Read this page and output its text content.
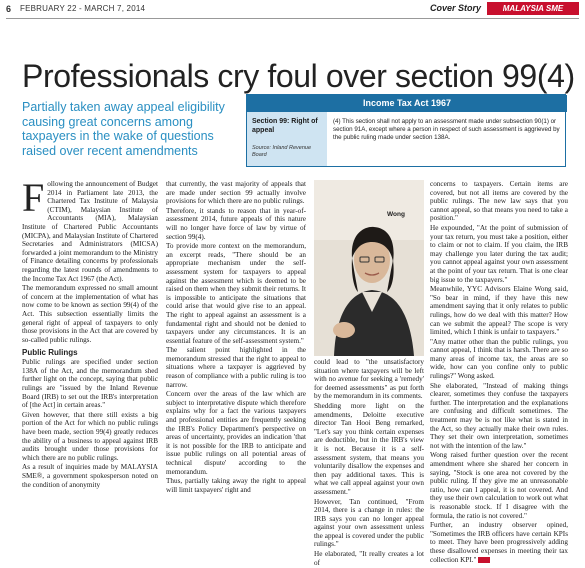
6 FEBRUARY 22 - MARCH 7, 2014	Cover Story	MALAYSIA SME
Professionals cry foul over section 99(4)
Partially taken away appeal eligibility causing great concerns among taxpayers in the wake of questions raised over recent amendments
Income Tax Act 1967
Section 99: Right of appeal
Source: Inland Revenue Board
(4) This section shall not apply to an assessment made under subsection 90(1) or section 91A, except where a person in respect of such assessment is aggrieved by the public ruling made under section 138A.
Wong

Following the announcement of Budget 2014 in Parliament late 2013, the Chartered Tax Institute of Malaysia (CTIM), Malaysian Institute of Accountants (MIA), Malaysian Institute of Chartered Public Accountants (MICPA), and Malaysian Institute of Chartered Secretaries and Administrators (MICSA) forwarded a joint memorandum to the Ministry of Finance detailing concerns by professionals regarding the latest rounds of amendments to the Income Tax Act 1967 (the Act).

The memorandum expressed no small amount of concern at the implementation of what has now come to be known as section 99(4) of the Act. This subsection essentially limits the general right of appeal of taxpayers to only those provisions in the Act that are covered by so-called public rulings.

Public Rulings

Public rulings are specified under section 138A of the Act, and the memorandum shed further light on the concept, saying that public rulings are "issued by the Inland Revenue Board (IRB) to set out the IRB's interpretation of [the Act] in certain areas."

Given however, that there still exists a big portion of the Act for which no public rulings have been made, section 99(4) greatly reduces the ability of a business to appeal against IRB audits brought under those provisions for which there are no public rulings.

As a result of inquiries made by MALAYSIA SME®, a government spokesperson noted on the condition of anonymity

that currently, the vast majority of appeals that are made under section 99 actually involve provisions for which there are no public rulings.

Therefore, it stands to reason that in year-of-assessment 2014, future appeals of this nature will no longer have force of law by virtue of section 99(4).

To provide more context on the memorandum, an excerpt reads, "There should be an appropriate mechanism under the self-assessment system for taxpayers to appeal against the assessment which is deemed to be raised on them when they submit their returns. It is impossible to anticipate the situations that could arise that would give rise to an appeal. The right to appeal against an assessment is a fundamental right and should not be denied to taxpayers under any circumstances. It is an essential feature of the self-assessment system."

The salient point highlighted in the memorandum stressed that the right to appeal to situations where a taxpayer is aggrieved by reason of compliance with a public ruling is too narrow.

Concern over the areas of the law which are subject to interpretative dispute which therefore explains why for a fact the various taxpayers and professional entities are frequently seeking the IRB's Policy Department's perspective on areas of uncertainty, provides an indication 'that it is not possible for the IRB to anticipate and issue public rulings on all potential areas of technical dispute' according to the memorandum.

Thus, partially taking away the right to appeal will limit taxpayers' right and

could lead to "the unsatisfactory situation where taxpayers will be left with no avenue for seeking a 'remedy' for deemed assessments" as put forth by the memorandum in its comments.

Shedding more light on the amendments, Deloitte executive director Tan Hooi Beng remarked, "Let's say you think certain expenses are deductible, but in the IRB's view it is not. Because it is a self-assessment system, that means you voluntarily disallow the expenses and then pay additional taxes. This is what we call appeal against your own assessment."

However, Tan continued, "From 2014, there is a change in rules: the IRB says you can no longer appeal against your own assessment unless the appeal is covered under the public rulings."

He elaborated, "It really creates a lot of

concerns to taxpayers. Certain items are covered, but not all items are covered by the public rulings. The new law says that you cannot appeal, so that means you need to take a position."

He expounded, "At the point of submission of your tax return, you must take a position, either to claim or not to claim. If you claim, the IRB may challenge you later during the tax audit; you cannot appeal against your own assessment at the point of your tax return. That is one clear big issue to the taxpayers."

Meanwhile, YYC Advisors Elaine Wong said, "So bear in mind, if they have this new amendment saying that it only relates to public rulings, how do we deal with this matter? How can we submit the appeal? The scope is very limited, which I think is unfair to taxpayers."

"Any matter other than the public rulings, you cannot appeal, I think that is harsh. There are so many areas of income tax, the areas are so wide, how can you confine only to public rulings?" Wong asked.

She elaborated, "Instead of making things clearer, sometimes they confuse the taxpayers further. The interpretation and the explanations are confusing and difficult sometimes. The treatment may be is not like what is stated in the Act, so they actually make their own rules. They set their own interpretation, sometimes not with the intention of the law."

Wong raised further question over the recent amendment where she shared her concern in saying, "Stock is one area not covered by the public ruling. If they give me an unreasonable ratio, how can I appeal, it is not covered. And they use their own calculation to work out what is reasonable stock. If I disagree with the formula, the ratio is not covered."

Further, an industry observer opined, "Sometimes the IRB officers have certain KPIs to meet. They have been progressively adding these disallowed expenses in meeting their tax collection KPI."
